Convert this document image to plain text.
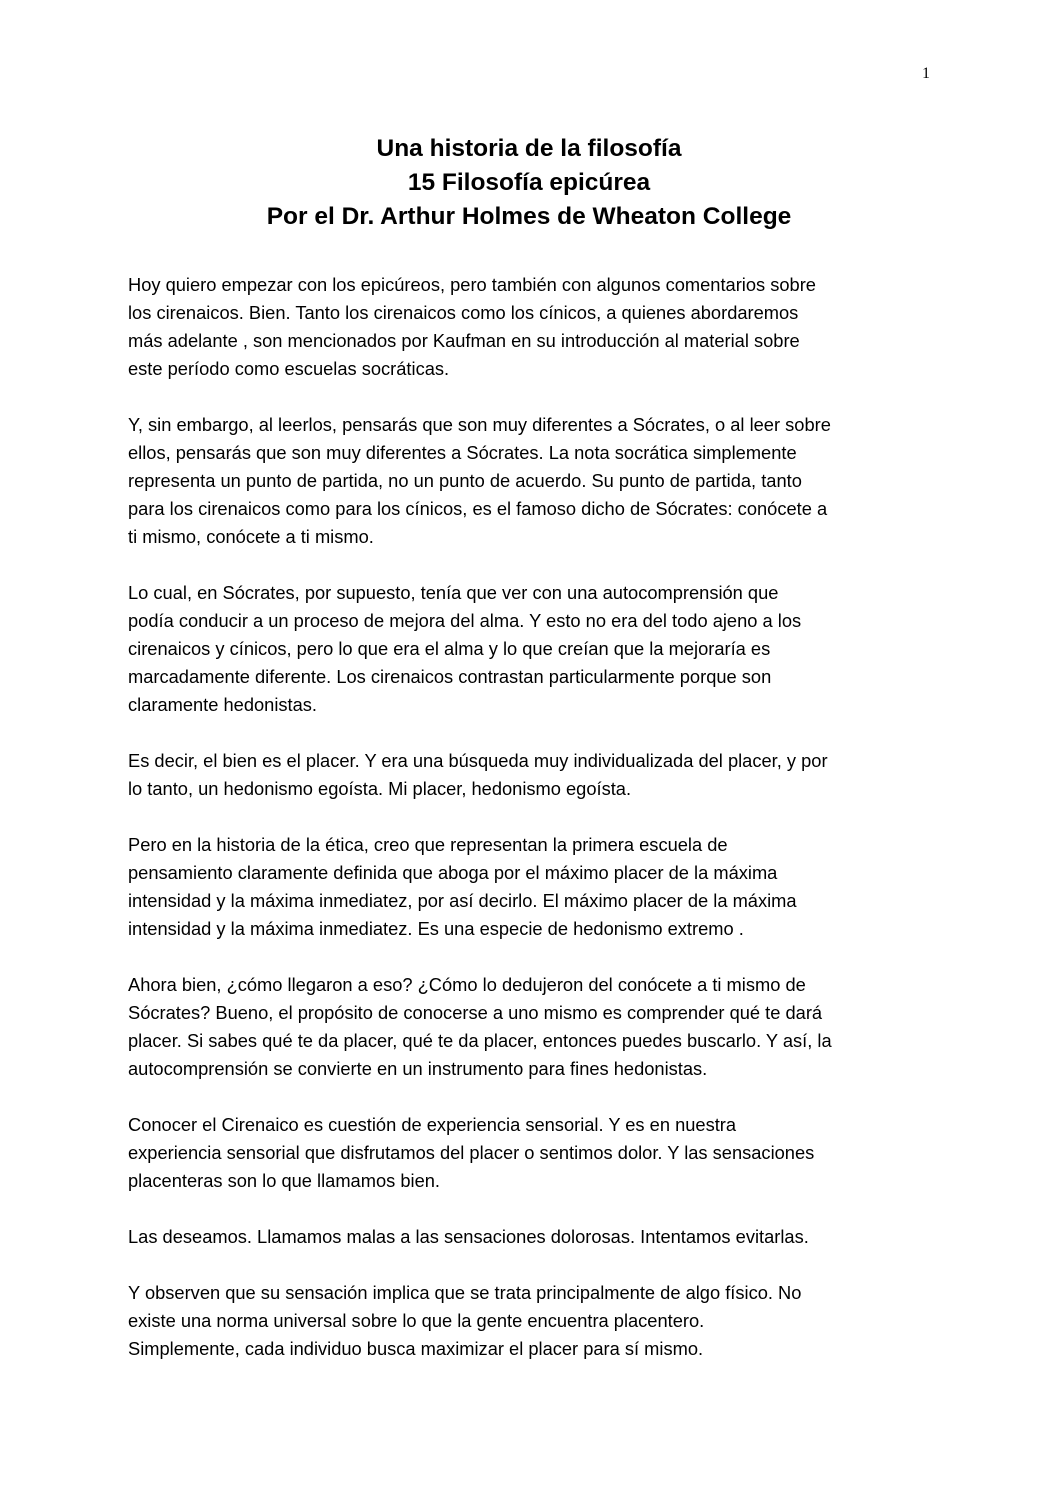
1
Una historia de la filosofía
15 Filosofía epicúrea
Por el Dr. Arthur Holmes de Wheaton College

Hoy quiero empezar con los epicúreos, pero también con algunos comentarios sobre
los cirenaicos. Bien. Tanto los cirenaicos como los cínicos, a quienes abordaremos
más adelante , son mencionados por Kaufman en su introducción al material sobre
este período como escuelas socráticas.

Y, sin embargo, al leerlos, pensarás que son muy diferentes a Sócrates, o al leer sobre
ellos, pensarás que son muy diferentes a Sócrates. La nota socrática simplemente
representa un punto de partida, no un punto de acuerdo. Su punto de partida, tanto
para los cirenaicos como para los cínicos, es el famoso dicho de Sócrates: conócete a
ti mismo, conócete a ti mismo.

Lo cual, en Sócrates, por supuesto, tenía que ver con una autocomprensión que
podía conducir a un proceso de mejora del alma. Y esto no era del todo ajeno a los
cirenaicos y cínicos, pero lo que era el alma y lo que creían que la mejoraría es
marcadamente diferente. Los cirenaicos contrastan particularmente porque son
claramente hedonistas.

Es decir, el bien es el placer. Y era una búsqueda muy individualizada del placer, y por
lo tanto, un hedonismo egoísta. Mi placer, hedonismo egoísta.

Pero en la historia de la ética, creo que representan la primera escuela de
pensamiento claramente definida que aboga por el máximo placer de la máxima
intensidad y la máxima inmediatez, por así decirlo. El máximo placer de la máxima
intensidad y la máxima inmediatez. Es una especie de hedonismo extremo .

Ahora bien, ¿cómo llegaron a eso? ¿Cómo lo dedujeron del conócete a ti mismo de
Sócrates? Bueno, el propósito de conocerse a uno mismo es comprender qué te dará
placer. Si sabes qué te da placer, qué te da placer, entonces puedes buscarlo. Y así, la
autocomprensión se convierte en un instrumento para fines hedonistas.

Conocer el Cirenaico es cuestión de experiencia sensorial. Y es en nuestra
experiencia sensorial que disfrutamos del placer o sentimos dolor. Y las sensaciones
placenteras son lo que llamamos bien.

Las deseamos. Llamamos malas a las sensaciones dolorosas. Intentamos evitarlas.

Y observen que su sensación implica que se trata principalmente de algo físico. No
existe una norma universal sobre lo que la gente encuentra placentero.
Simplemente, cada individuo busca maximizar el placer para sí mismo.
